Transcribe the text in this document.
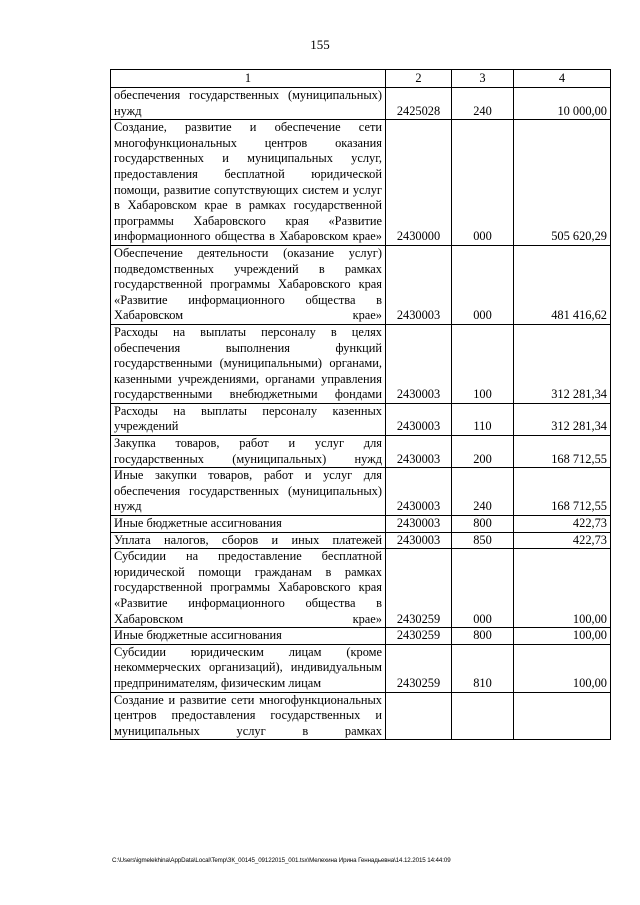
155
1	2	3	4
обеспечения государственных (муниципальных) нужд	2425028	240	10 000,00
Создание, развитие и обеспечение сети многофункциональных центров оказания государственных и муниципальных услуг, предоставления бесплатной юридической помощи, развитие сопутствующих систем и услуг в Хабаровском крае в рамках государственной программы Хабаровского края «Развитие информационного общества в Хабаровском крае»	2430000	000	505 620,29
Обеспечение деятельности (оказание услуг) подведомственных учреждений в рамках государственной программы Хабаровского края «Развитие информационного общества в Хабаровском крае»	2430003	000	481 416,62
Расходы на выплаты персоналу в целях обеспечения выполнения функций государственными (муниципальными) органами, казенными учреждениями, органами управления государственными внебюджетными фондами	2430003	100	312 281,34
Расходы на выплаты персоналу казенных учреждений	2430003	110	312 281,34
Закупка товаров, работ и услуг для государственных (муниципальных) нужд	2430003	200	168 712,55
Иные закупки товаров, работ и услуг для обеспечения государственных (муниципальных) нужд	2430003	240	168 712,55
Иные бюджетные ассигнования	2430003	800	422,73
Уплата налогов, сборов и иных платежей	2430003	850	422,73
Субсидии на предоставление бесплатной юридической помощи гражданам в рамках государственной программы Хабаровского края «Развитие информационного общества в Хабаровском крае»	2430259	000	100,00
Иные бюджетные ассигнования	2430259	800	100,00
Субсидии юридическим лицам (кроме некоммерческих организаций), индивидуальным предпринимателям, физическим лицам	2430259	810	100,00
Создание и развитие сети многофункциональных центров предоставления государственных и муниципальных услуг в рамках			
C:\Users\igmelekhina\AppData\Local\Temp\ЗК_00145_09122015_001.tsx\Мелехина Ирина Геннадьевна\14.12.2015 14:44:09
